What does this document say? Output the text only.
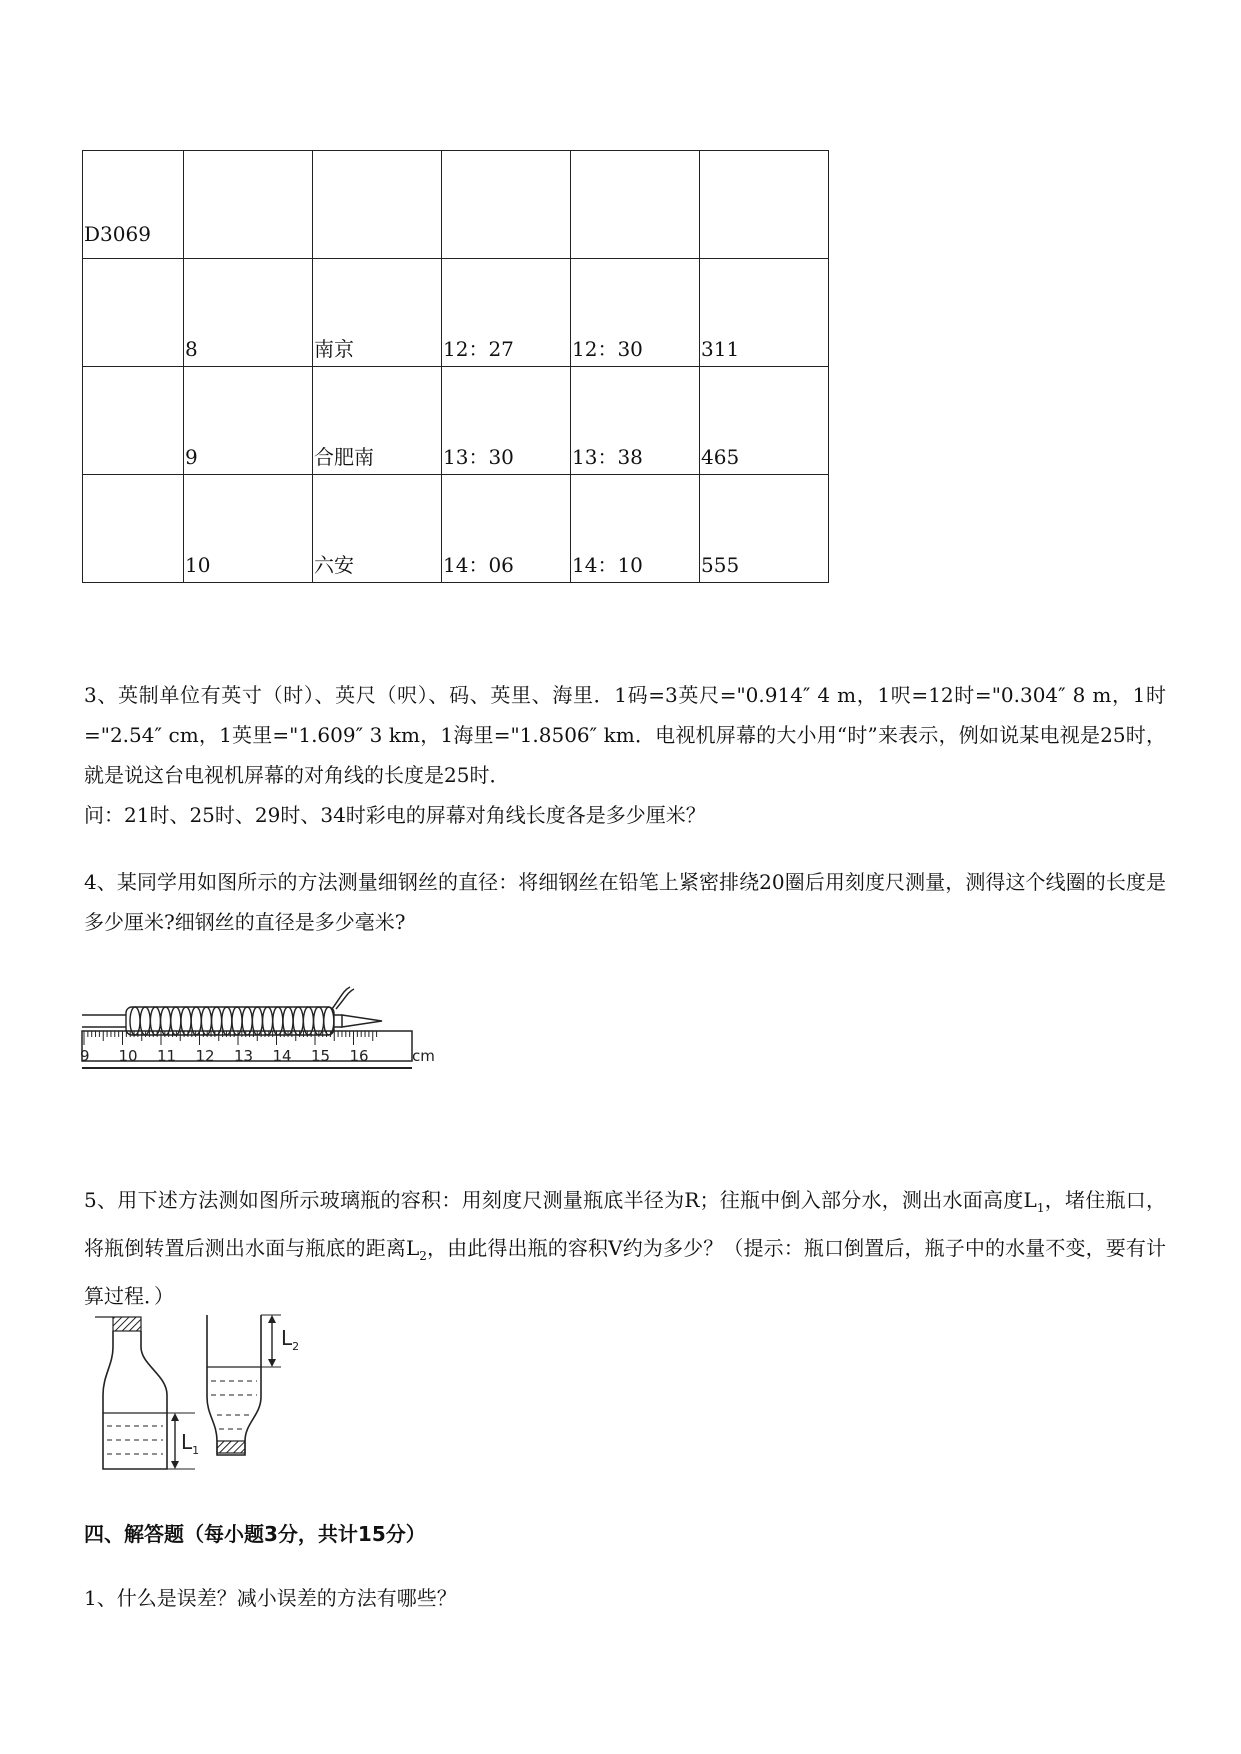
D3069					

	8	南京	12：27	12：30	311

	9	合肥南	13：30	13：38	465

	10	六安	14：06	14：10	555

3、英制单位有英寸（时）、英尺（呎）、码、英里、海里．1码=3英尺="0.914″ 4 m，1呎=12时="0.304″ 8 m，1时="2.54″ cm，1英里="1.609″ 3 km，1海里="1.8506″ km．电视机屏幕的大小用“时”来表示，例如说某电视是25时，就是说这台电视机屏幕的对角线的长度是25时．

问：21时、25时、29时、34时彩电的屏幕对角线长度各是多少厘米？

4、某同学用如图所示的方法测量细钢丝的直径：将细钢丝在铅笔上紧密排绕20圈后用刻度尺测量，测得这个线圈的长度是多少厘米?细钢丝的直径是多少毫米?

9 10 11 12 13 14 15 16	cm

5、用下述方法测如图所示玻璃瓶的容积：用刻度尺测量瓶底半径为R；往瓶中倒入部分水，测出水面高度$L_1$，堵住瓶口，将瓶倒转置后测出水面与瓶底的距离$L_2$，由此得出瓶的容积V约为多少？（提示：瓶口倒置后，瓶子中的水量不变，要有计算过程．）

$L_1$
$L_2$
四、解答题（每小题3分，共计15分）

1、什么是误差？减小误差的方法有哪些？
